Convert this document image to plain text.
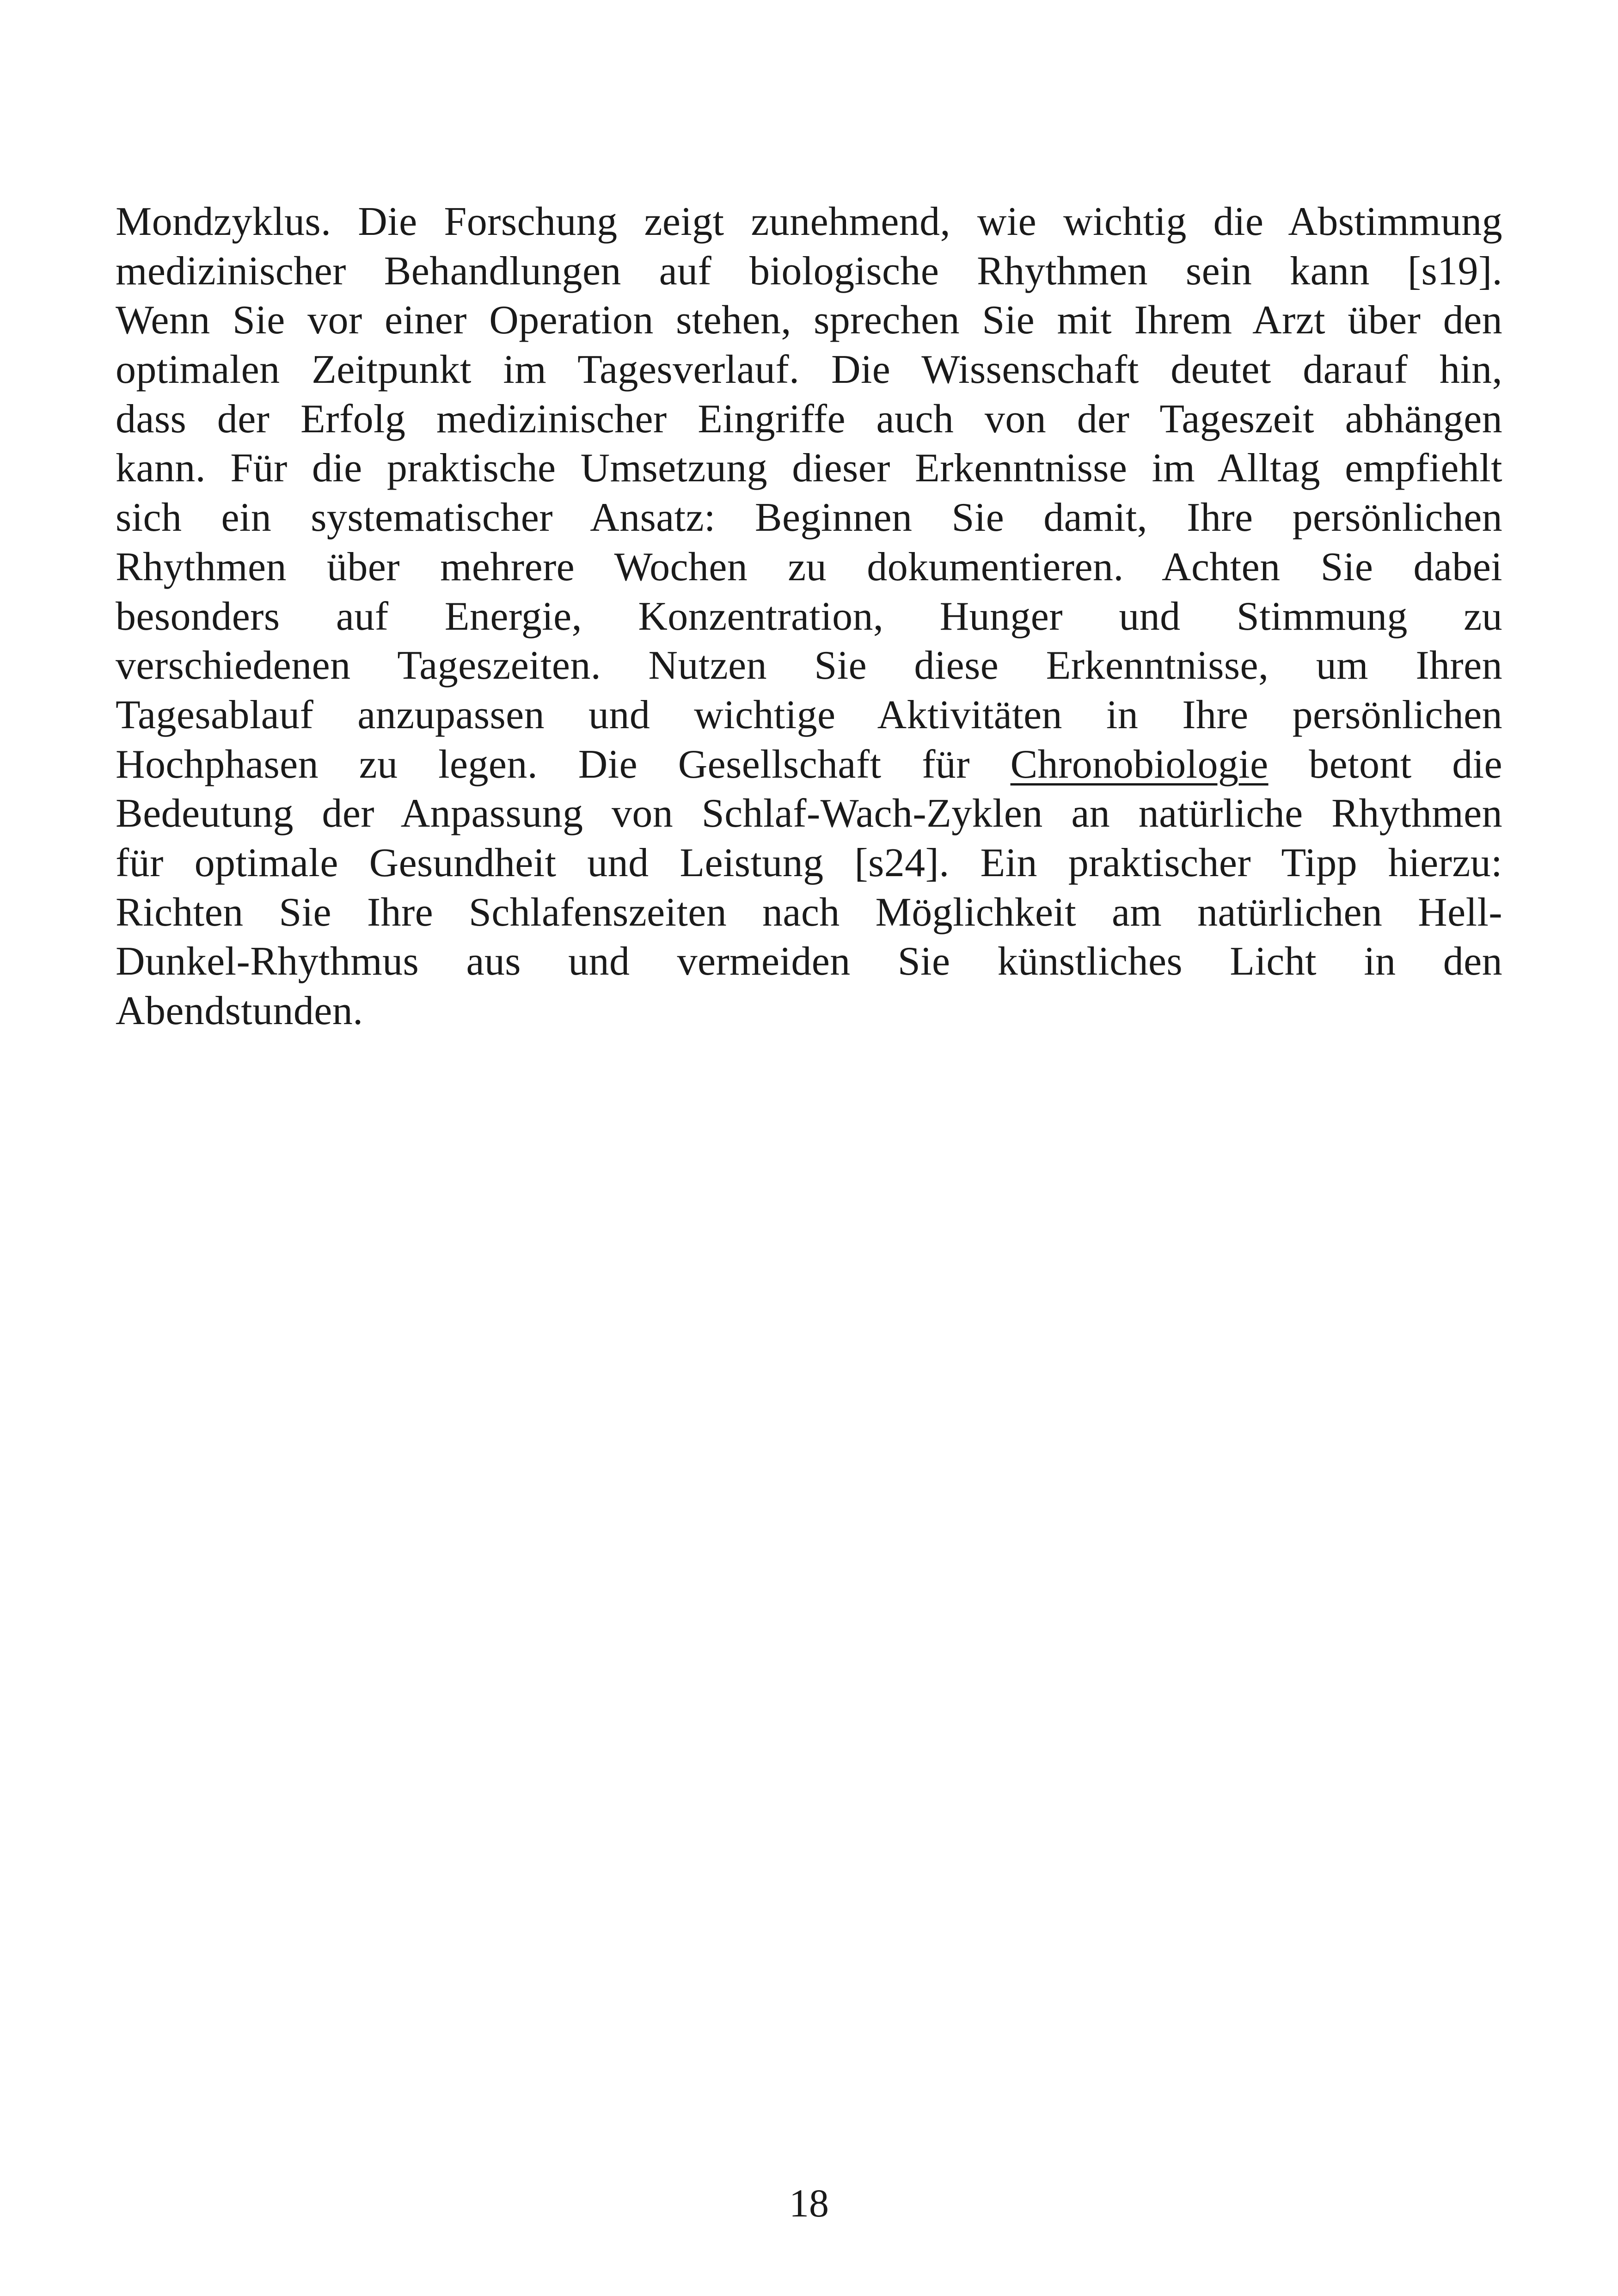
Mondzyklus. Die Forschung zeigt zunehmend, wie wichtig die Abstimmung
medizinischer Behandlungen auf biologische Rhythmen sein kann [s19].
Wenn Sie vor einer Operation stehen, sprechen Sie mit Ihrem Arzt über den
optimalen Zeitpunkt im Tagesverlauf. Die Wissenschaft deutet darauf hin,
dass der Erfolg medizinischer Eingriffe auch von der Tageszeit abhängen
kann. Für die praktische Umsetzung dieser Erkenntnisse im Alltag empfiehlt
sich ein systematischer Ansatz: Beginnen Sie damit, Ihre persönlichen
Rhythmen über mehrere Wochen zu dokumentieren. Achten Sie dabei
besonders auf Energie, Konzentration, Hunger und Stimmung zu
verschiedenen Tageszeiten. Nutzen Sie diese Erkenntnisse, um Ihren
Tagesablauf anzupassen und wichtige Aktivitäten in Ihre persönlichen
Hochphasen zu legen. Die Gesellschaft für Chronobiologie betont die
Bedeutung der Anpassung von Schlaf-Wach-Zyklen an natürliche Rhythmen
für optimale Gesundheit und Leistung [s24]. Ein praktischer Tipp hierzu:
Richten Sie Ihre Schlafenszeiten nach Möglichkeit am natürlichen Hell-
Dunkel-Rhythmus aus und vermeiden Sie künstliches Licht in den
Abendstunden.

18
